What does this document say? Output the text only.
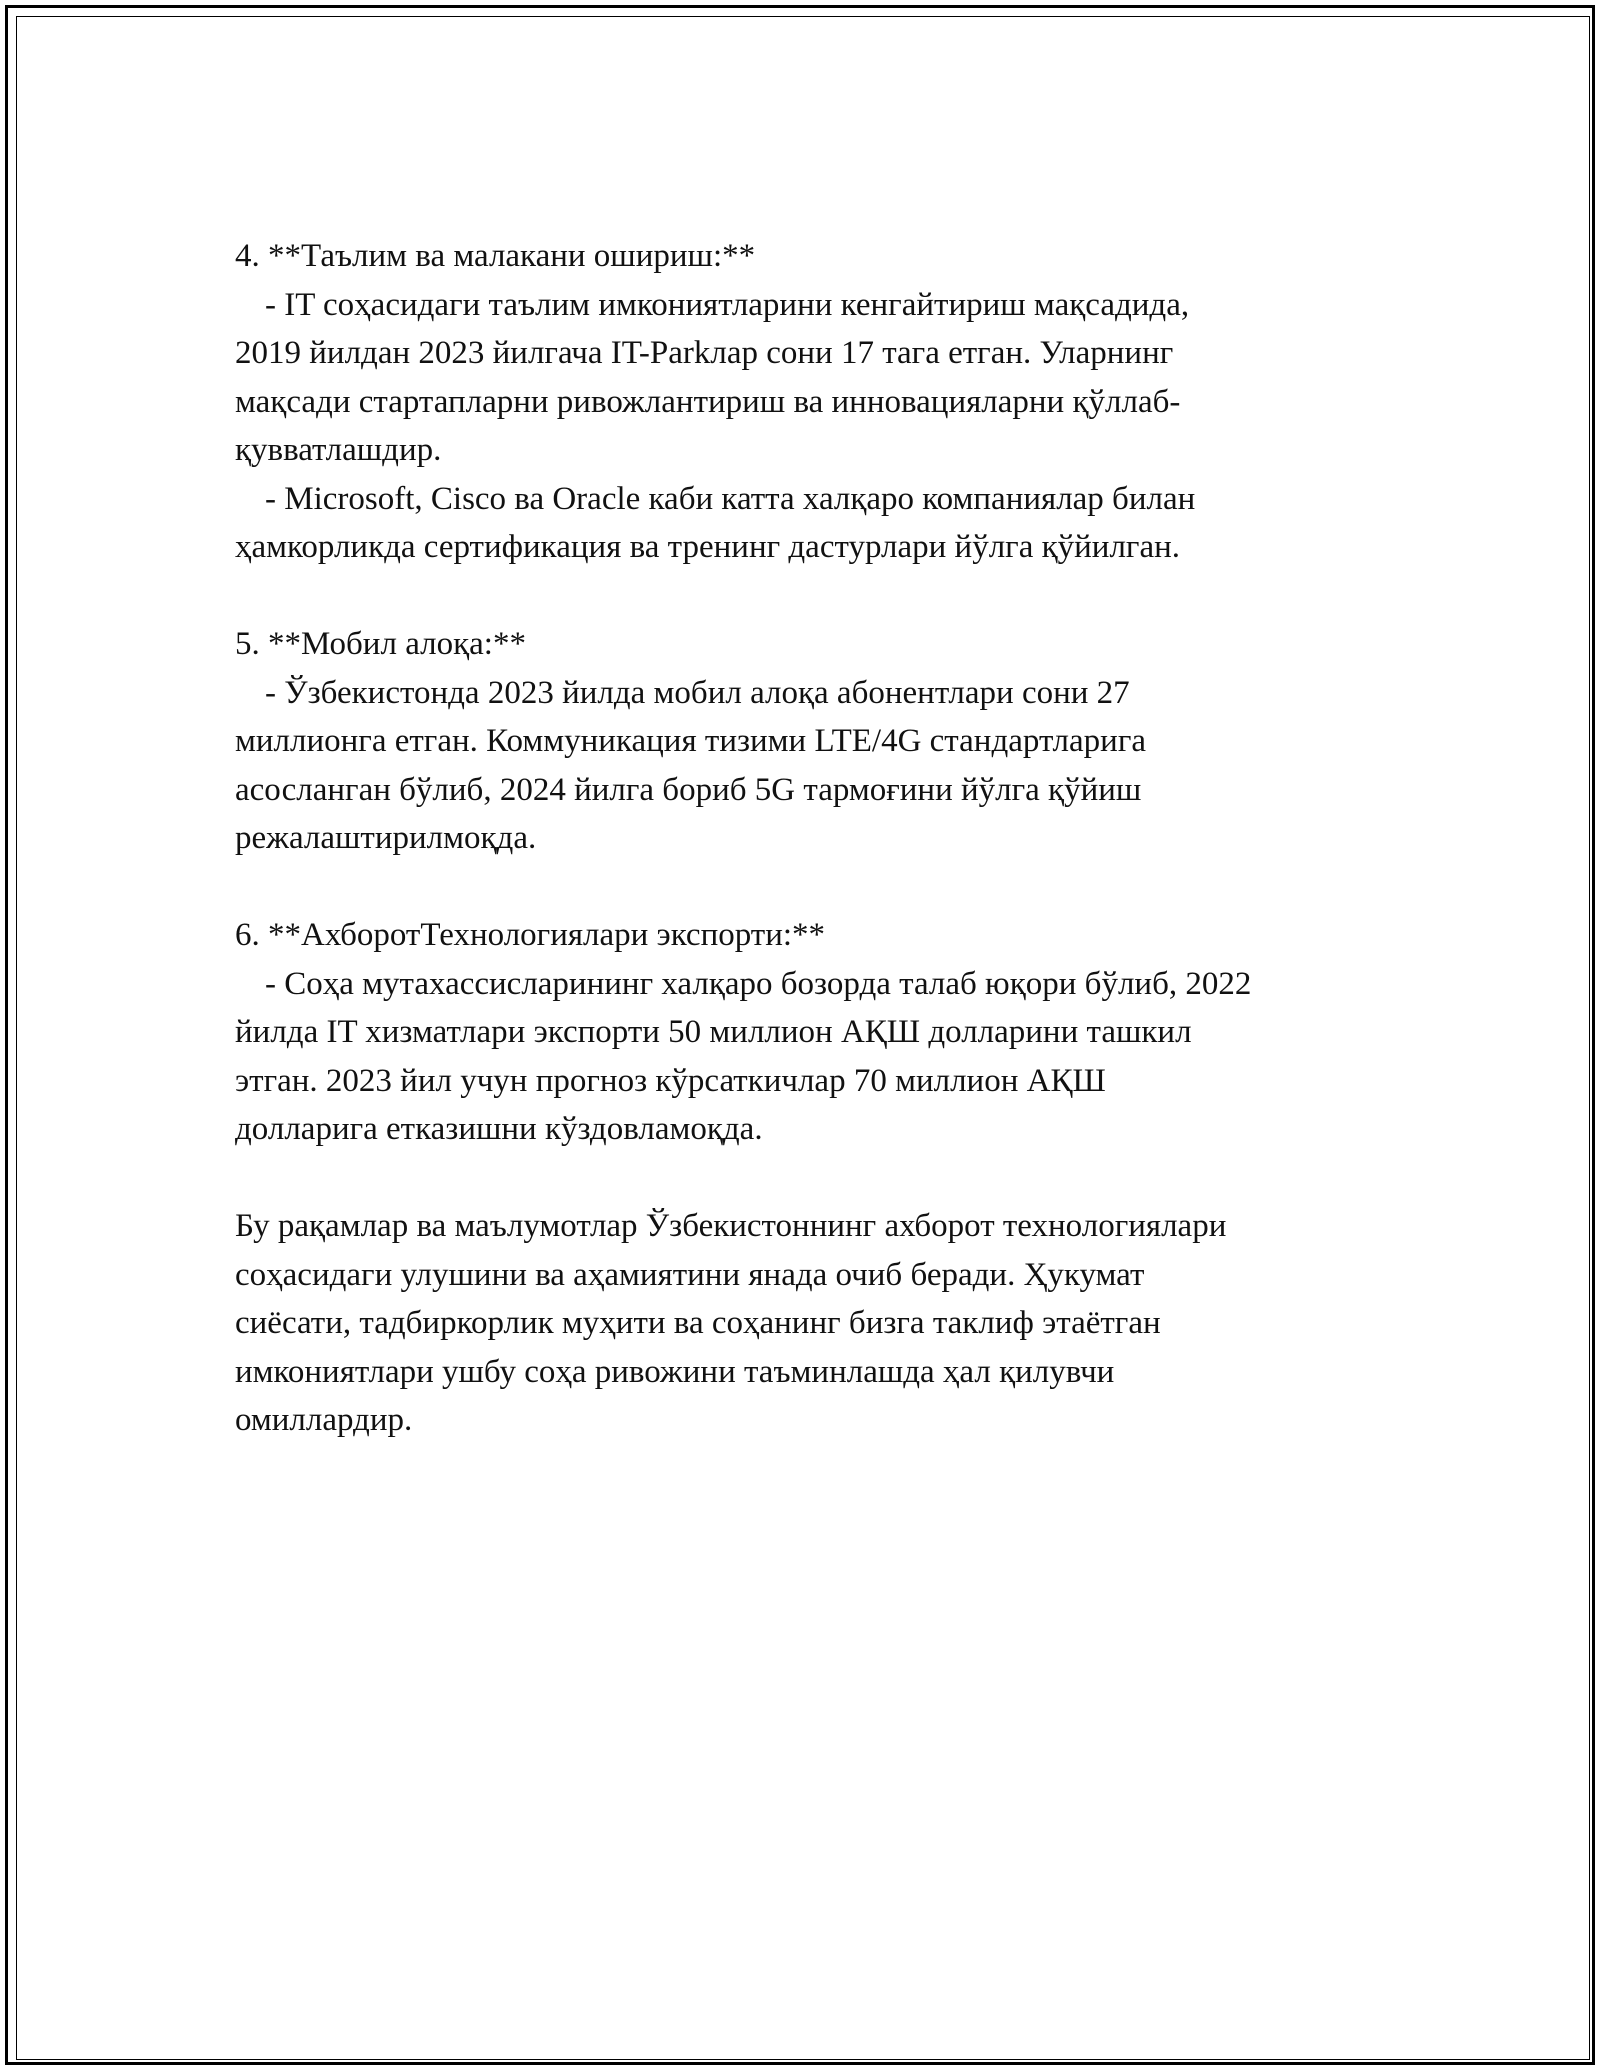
4. **Таълим ва малакани ошириш:**
- IT соҳасидаги таълим имкониятларини кенгайтириш мақсадида,
2019 йилдан 2023 йилгача IT-Parkлар сони 17 тага етган. Уларнинг
мақсади стартапларни ривожлантириш ва инновацияларни қўллаб-
қувватлашдир.
- Microsoft, Cisco ва Oracle каби катта халқаро компаниялар билан
ҳамкорликда сертификация ва тренинг дастурлари йўлга қўйилган.
5. **Мобил алоқа:**
- Ўзбекистонда 2023 йилда мобил алоқа абонентлари сони 27
миллионга етган. Коммуникация тизими LTE/4G стандартларига
асосланган бўлиб, 2024 йилга бориб 5G тармоғини йўлга қўйиш
режалаштирилмоқда.
6. **АхборотТехнологиялари экспорти:**
- Соҳа мутахассисларининг халқаро бозорда талаб юқори бўлиб, 2022
йилда IT хизматлари экспорти 50 миллион АҚШ долларини ташкил
этган. 2023 йил учун прогноз кўрсаткичлар 70 миллион АҚШ
долларига етказишни кўздовламоқда.
Бу рақамлар ва маълумотлар Ўзбекистоннинг ахборот технологиялари
соҳасидаги улушини ва аҳамиятини янада очиб беради. Ҳукумат
сиёсати, тадбиркорлик муҳити ва соҳанинг бизга таклиф этаётган
имкониятлари ушбу соҳа ривожини таъминлашда ҳал қилувчи
омиллардир.
